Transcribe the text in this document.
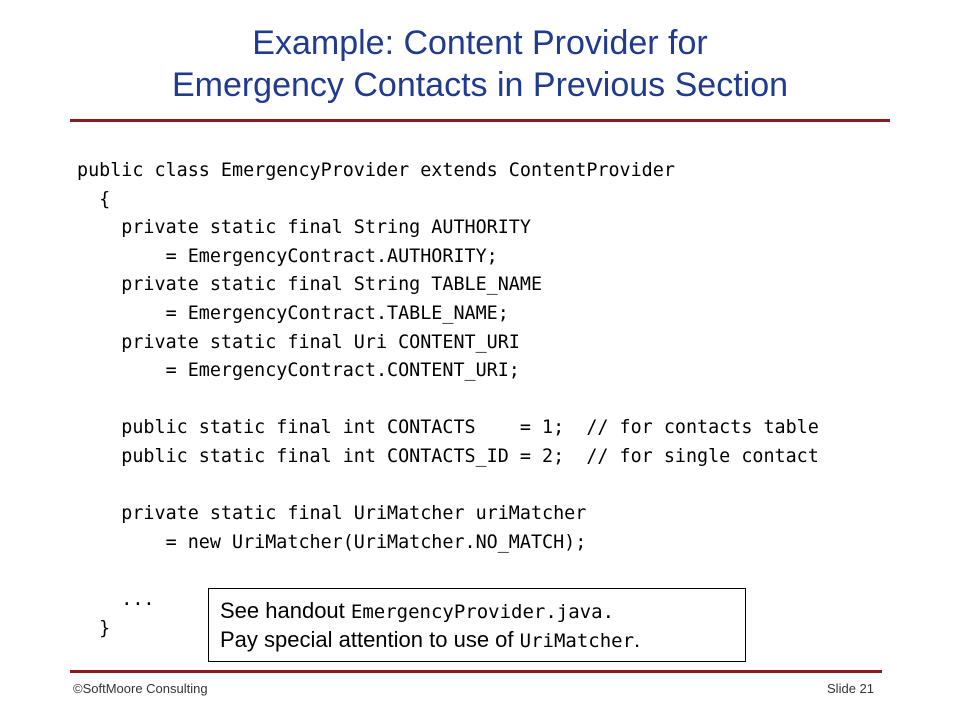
Example: Content Provider for
Emergency Contacts in Previous Section
public class EmergencyProvider extends ContentProvider
{
private static final String AUTHORITY
= EmergencyContract.AUTHORITY;
private static final String TABLE_NAME
= EmergencyContract.TABLE_NAME;
private static final Uri CONTENT_URI
= EmergencyContract.CONTENT_URI;
public static final int CONTACTS    = 1;  // for contacts table
public static final int CONTACTS_ID = 2;  // for single contact
private static final UriMatcher uriMatcher
= new UriMatcher(UriMatcher.NO_MATCH);
...
}
See handout EmergencyProvider.java.
Pay special attention to use of UriMatcher.
©SoftMoore Consulting	Slide 21
